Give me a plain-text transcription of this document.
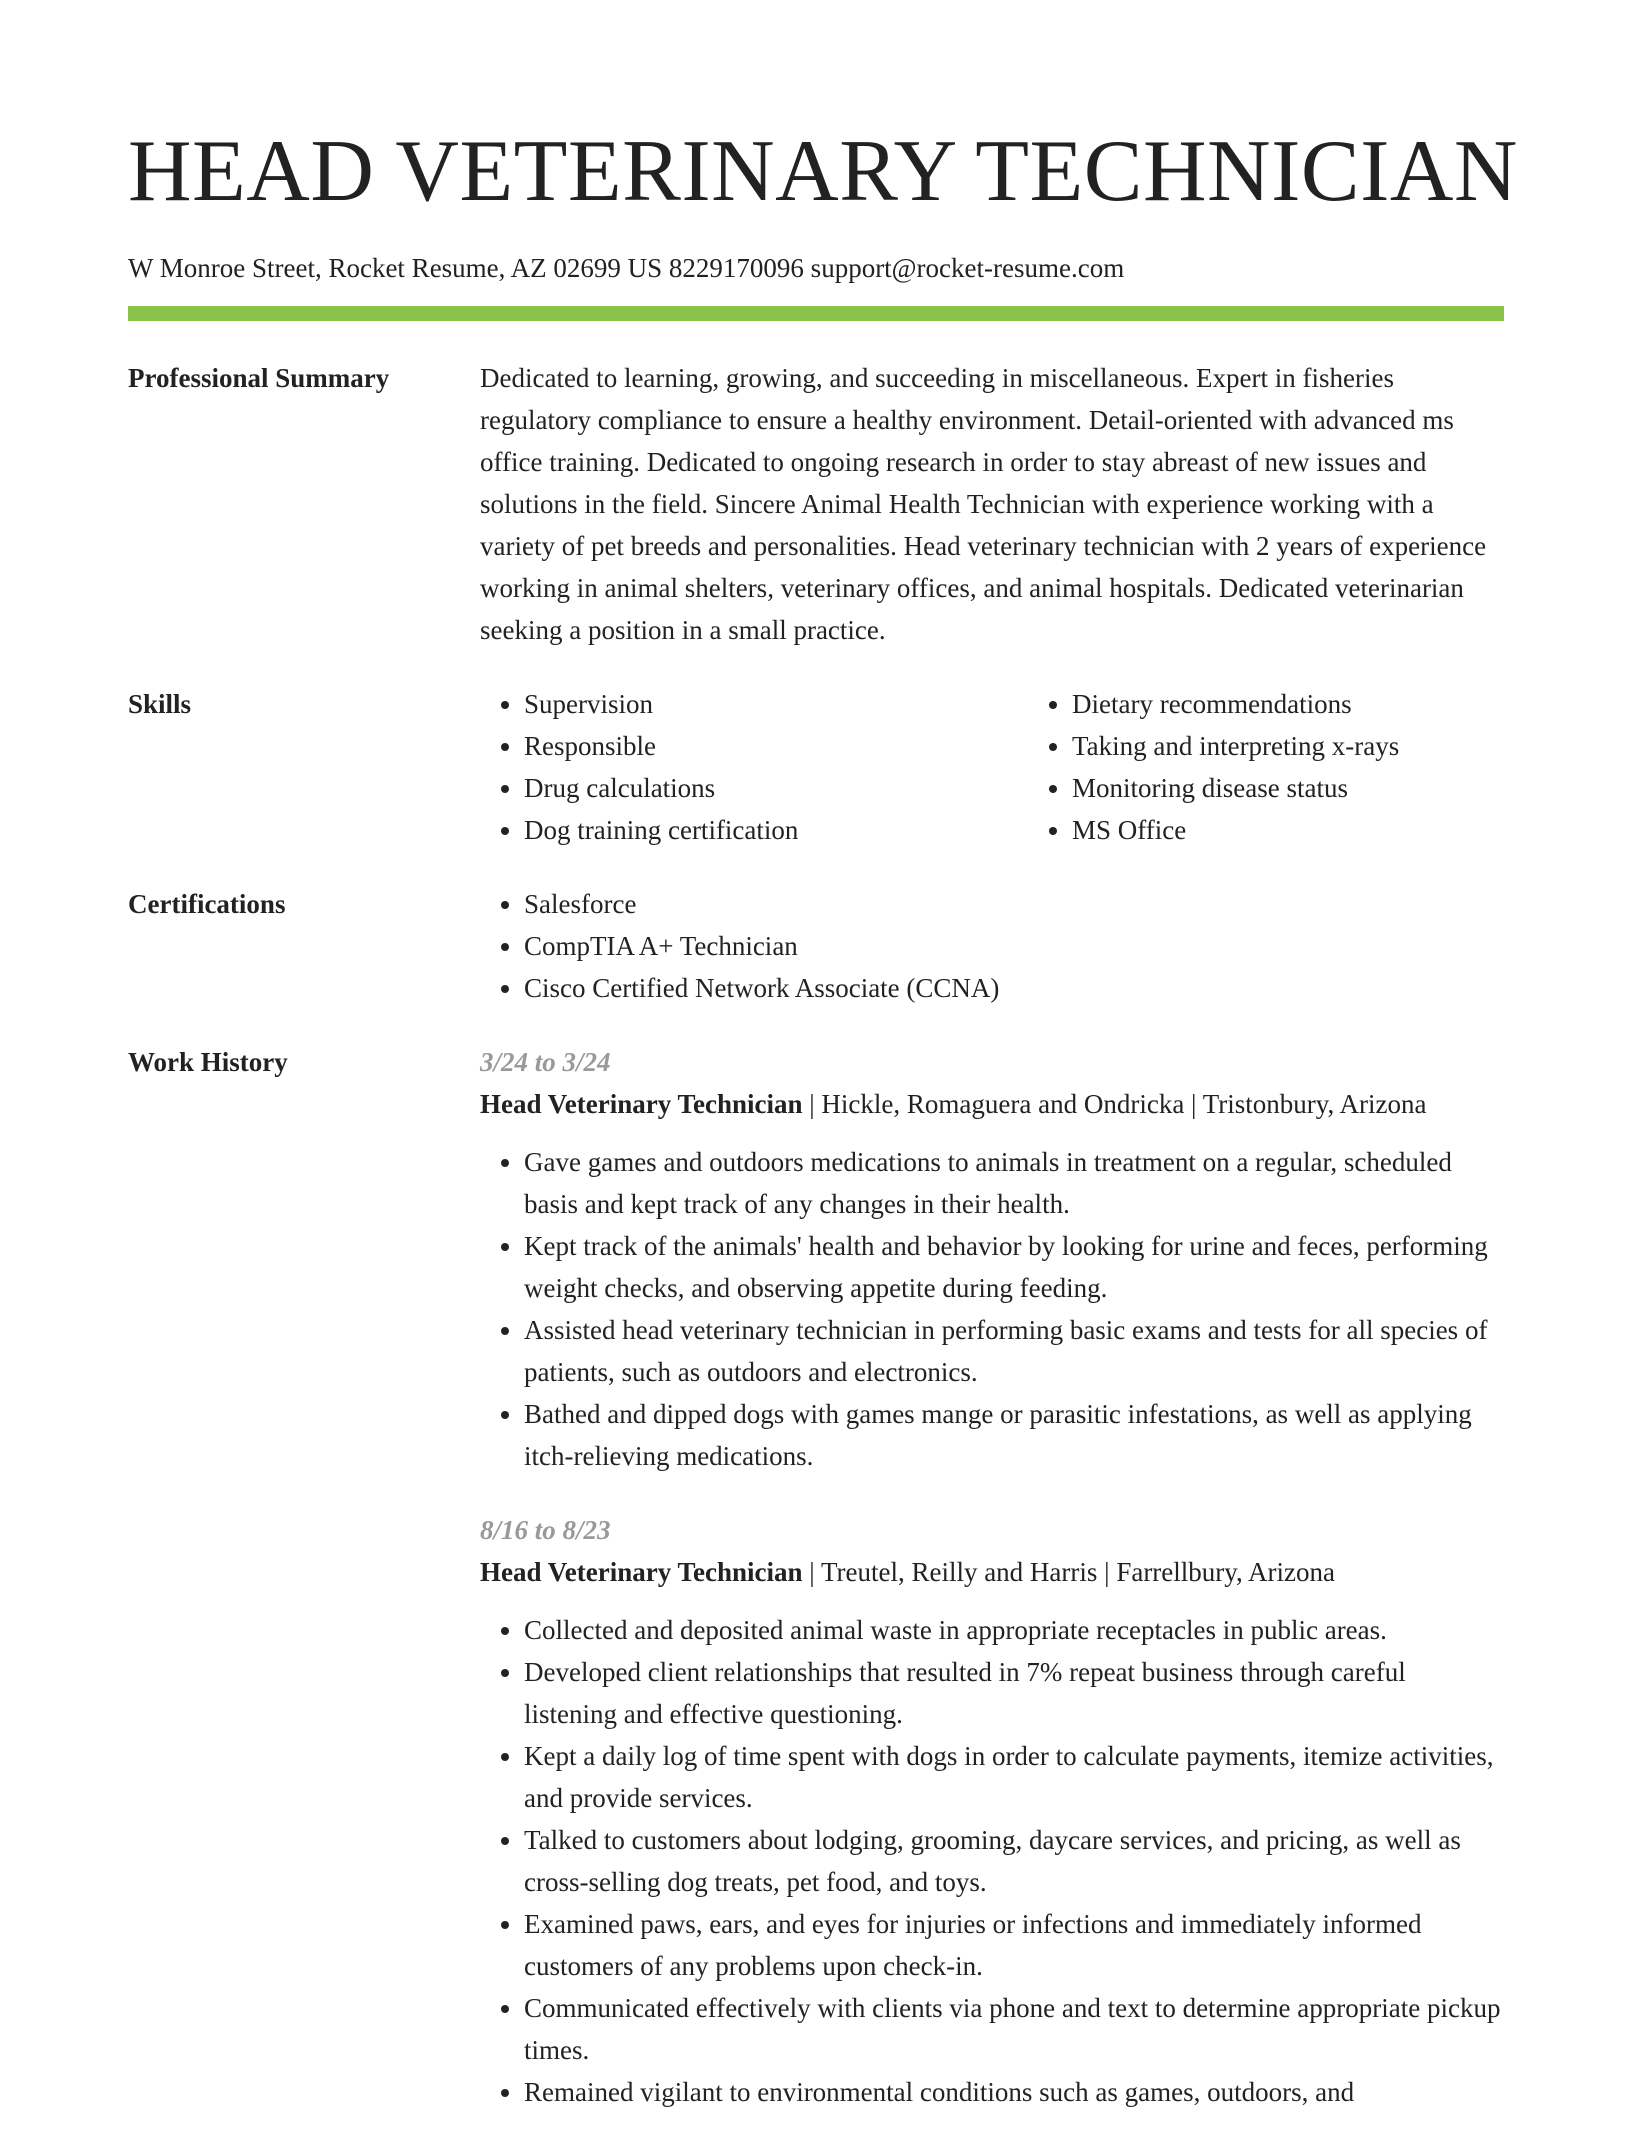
HEAD VETERINARY TECHNICIAN
W Monroe Street, Rocket Resume, AZ 02699 US 8229170096 support@rocket-resume.com
Professional Summary	Dedicated to learning, growing, and succeeding in miscellaneous. Expert in fisheries regulatory compliance to ensure a healthy environment. Detail-oriented with advanced ms office training. Dedicated to ongoing research in order to stay abreast of new issues and solutions in the field. Sincere Animal Health Technician with experience working with a variety of pet breeds and personalities. Head veterinary technician with 2 years of experience working in animal shelters, veterinary offices, and animal hospitals. Dedicated veterinarian seeking a position in a small practice.

Skills	• Supervision
• Responsible
• Drug calculations
• Dog training certification
• Dietary recommendations
• Taking and interpreting x-rays
• Monitoring disease status
• MS Office
Certifications	• Salesforce
• CompTIA A+ Technician
• Cisco Certified Network Associate (CCNA)
Work History	3/24 to 3/24
Head Veterinary Technician | Hickle, Romaguera and Ondricka | Tristonbury, Arizona
• Gave games and outdoors medications to animals in treatment on a regular, scheduled basis and kept track of any changes in their health.
• Kept track of the animals' health and behavior by looking for urine and feces, performing weight checks, and observing appetite during feeding.
• Assisted head veterinary technician in performing basic exams and tests for all species of patients, such as outdoors and electronics.
• Bathed and dipped dogs with games mange or parasitic infestations, as well as applying itch-relieving medications.
8/16 to 8/23
Head Veterinary Technician | Treutel, Reilly and Harris | Farrellbury, Arizona
• Collected and deposited animal waste in appropriate receptacles in public areas.
• Developed client relationships that resulted in 7% repeat business through careful listening and effective questioning.
• Kept a daily log of time spent with dogs in order to calculate payments, itemize activities, and provide services.
• Talked to customers about lodging, grooming, daycare services, and pricing, as well as cross-selling dog treats, pet food, and toys.
• Examined paws, ears, and eyes for injuries or infections and immediately informed customers of any problems upon check-in.
• Communicated effectively with clients via phone and text to determine appropriate pickup times.
• Remained vigilant to environmental conditions such as games, outdoors, and
